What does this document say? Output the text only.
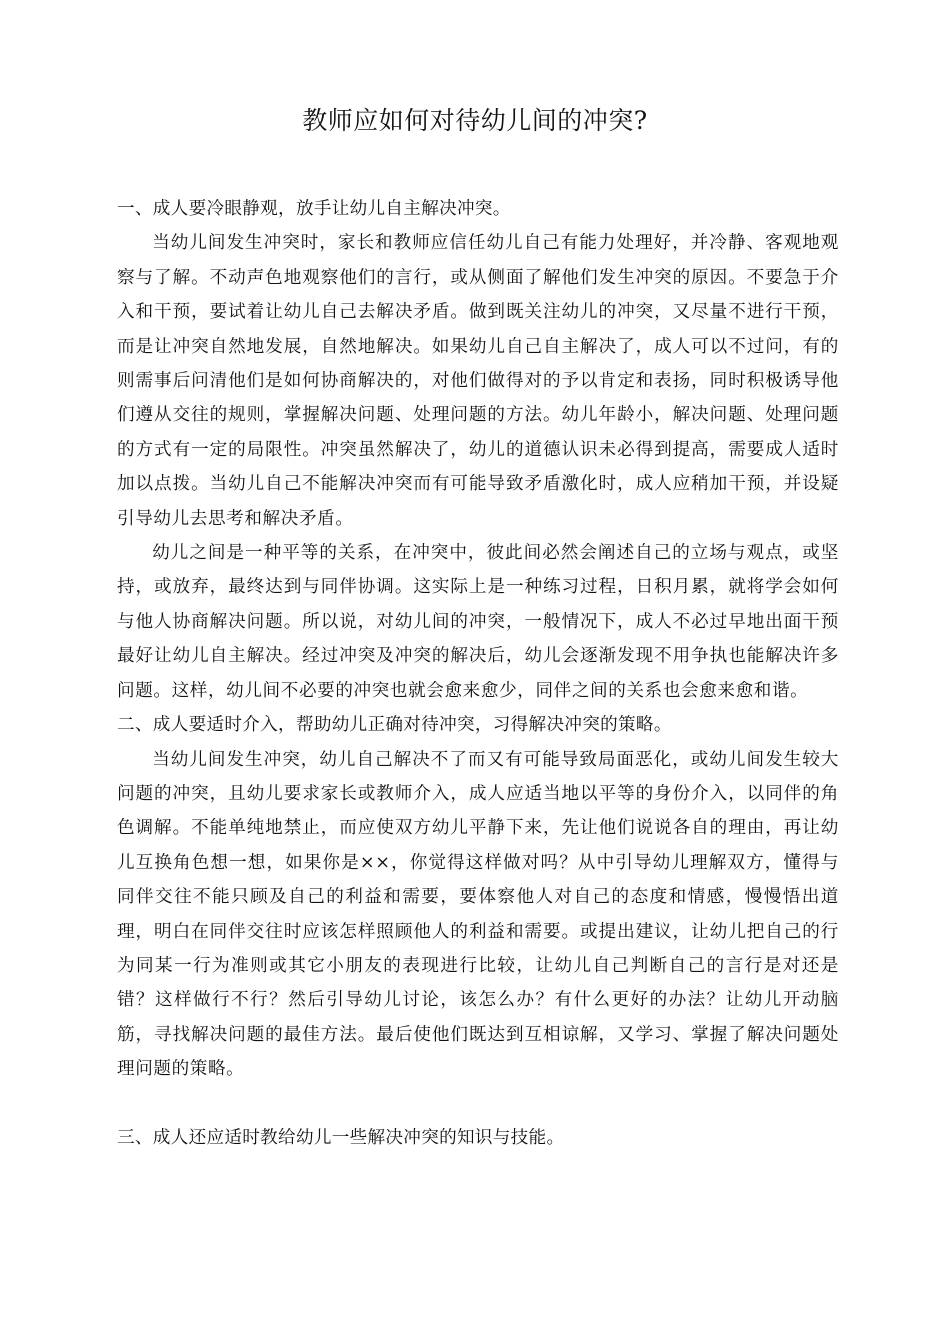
教师应如何对待幼儿间的冲突?

一、成人要冷眼静观，放手让幼儿自主解决冲突。

当幼儿间发生冲突时，家长和教师应信任幼儿自己有能力处理好，并冷静、客观地观察与了解。不动声色地观察他们的言行，或从侧面了解他们发生冲突的原因。不要急于介入和干预，要试着让幼儿自己去解决矛盾。做到既关注幼儿的冲突，又尽量不进行干预，而是让冲突自然地发展，自然地解决。如果幼儿自己自主解决了，成人可以不过问，有的则需事后问清他们是如何协商解决的，对他们做得对的予以肯定和表扬，同时积极诱导他们遵从交往的规则，掌握解决问题、处理问题的方法。幼儿年龄小，解决问题、处理问题的方式有一定的局限性。冲突虽然解决了，幼儿的道德认识未必得到提高，需要成人适时加以点拨。当幼儿自己不能解决冲突而有可能导致矛盾激化时，成人应稍加干预，并设疑引导幼儿去思考和解决矛盾。

幼儿之间是一种平等的关系，在冲突中，彼此间必然会阐述自己的立场与观点，或坚持，或放弃，最终达到与同伴协调。这实际上是一种练习过程，日积月累，就将学会如何与他人协商解决问题。所以说，对幼儿间的冲突，一般情况下，成人不必过早地出面干预最好让幼儿自主解决。经过冲突及冲突的解决后，幼儿会逐渐发现不用争执也能解决许多问题。这样，幼儿间不必要的冲突也就会愈来愈少，同伴之间的关系也会愈来愈和谐。

二、成人要适时介入，帮助幼儿正确对待冲突，习得解决冲突的策略。

当幼儿间发生冲突，幼儿自己解决不了而又有可能导致局面恶化，或幼儿间发生较大问题的冲突，且幼儿要求家长或教师介入，成人应适当地以平等的身份介入，以同伴的角色调解。不能单纯地禁止，而应使双方幼儿平静下来，先让他们说说各自的理由，再让幼儿互换角色想一想，如果你是××，你觉得这样做对吗？从中引导幼儿理解双方，懂得与同伴交往不能只顾及自己的利益和需要，要体察他人对自己的态度和情感，慢慢悟出道理，明白在同伴交往时应该怎样照顾他人的利益和需要。或提出建议，让幼儿把自己的行为同某一行为准则或其它小朋友的表现进行比较，让幼儿自己判断自己的言行是对还是错？这样做行不行？然后引导幼儿讨论，该怎么办？有什么更好的办法？让幼儿开动脑筋，寻找解决问题的最佳方法。最后使他们既达到互相谅解，又学习、掌握了解决问题处理问题的策略。

三、成人还应适时教给幼儿一些解决冲突的知识与技能。
